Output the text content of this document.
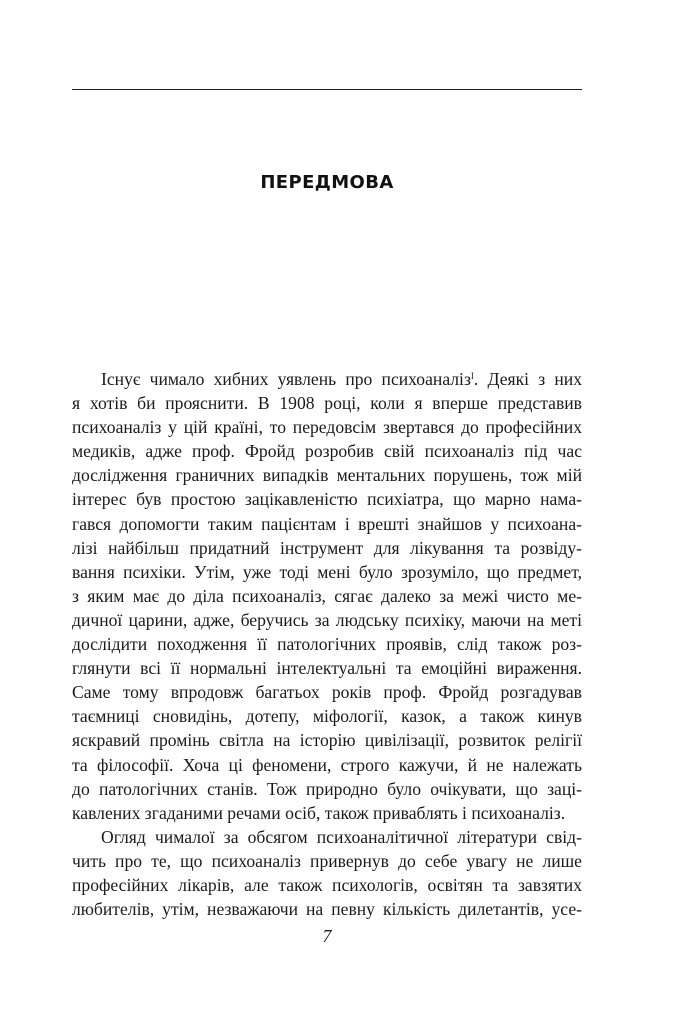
ПЕРЕДМОВА
Існує чималo хибних уявлень про психоаналіз$^I$. Деякі з них
я хотів би прояснити. В 1908 році, коли я вперше представив
психоаналіз у цій країні, то передовсім звертався до професійних
медиків, адже проф. Фройд розробив свій психоаналіз під час
дослідження граничних випадків ментальних порушень, тож мій
інтерес був простою зацікавленістю психіатра, що марно нама-
гався допомогти таким пацієнтам і врешті знайшов у психоана-
лізі найбільш придатний інструмент для лікування та розвіду-
вання психіки. Утім, уже тоді мені було зрозуміло, що предмет,
з яким має до діла психоаналіз, сягає далеко за межі чисто ме-
дичної царини, адже, беручись за людську психіку, маючи на меті
дослідити походження її патологічних проявів, слід також роз-
глянути всі її нормальні інтелектуальні та емоційні вираження.
Саме тому впродовж багатьох років проф. Фройд розгадував
таємниці сновидінь, дотепу, міфології, казок, а також кинув
яскравий промінь світла на історію цивілізації, розвиток релігії
та філософії. Хоча ці феномени, строго кажучи, й не належать
до патологічних станів. Тож природно було очікувати, що заці-
кавлених згаданими речами осіб, також приваблять і психоаналіз.
Огляд чималої за обсягом психоаналітичної літератури свід-
чить про те, що психоаналіз привернув до себе увагу не лише
професійних лікарів, але також психологів, освітян та завзятих
любителів, утім, незважаючи на певну кількість дилетантів, усе-
7
